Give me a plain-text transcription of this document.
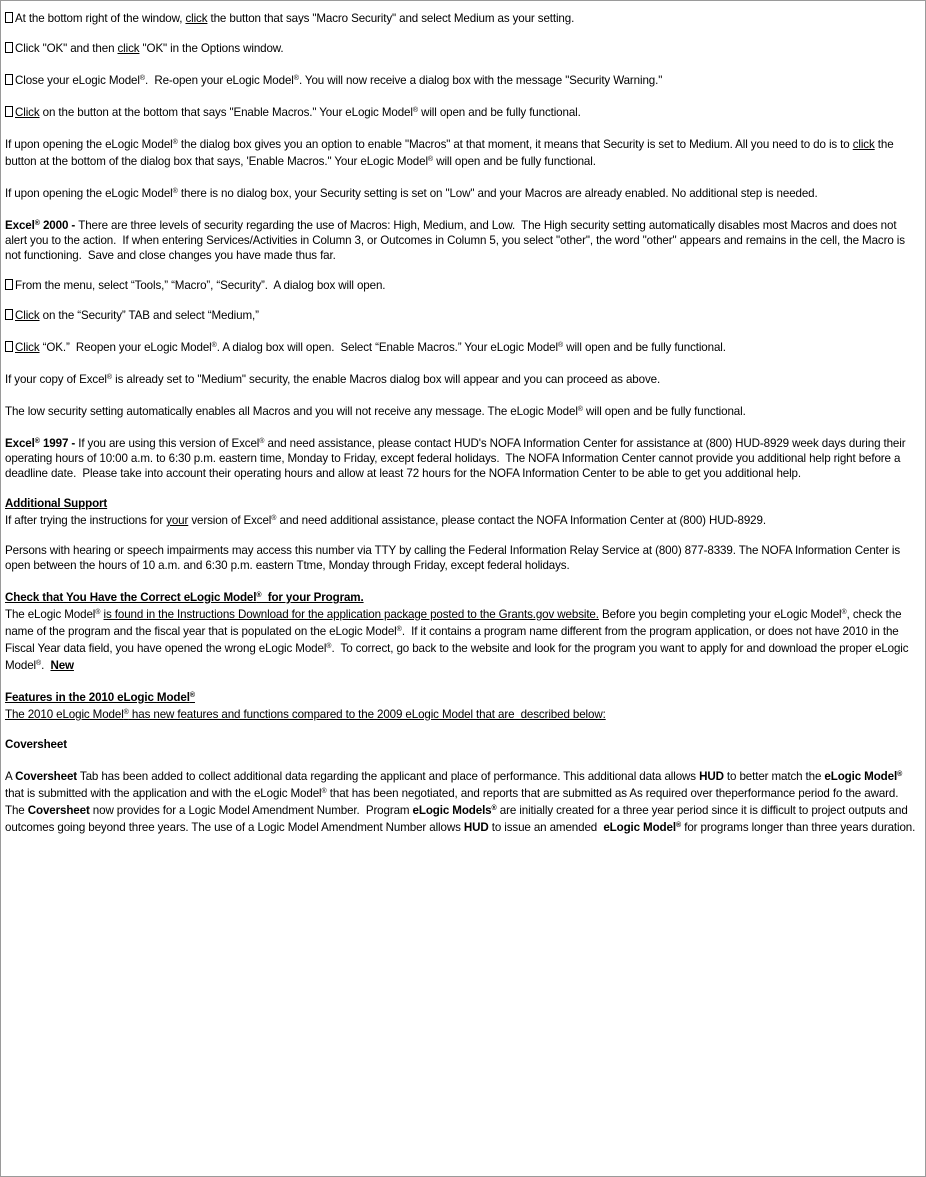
At the bottom right of the window, click the button that says "Macro Security" and select Medium as your setting.
Click "OK" and then click "OK" in the Options window.
Close your eLogic Model®.  Re-open your eLogic Model®. You will now receive a dialog box with the message "Security Warning."
Click on the button at the bottom that says "Enable Macros." Your eLogic Model® will open and be fully functional.
If upon opening the eLogic Model® the dialog box gives you an option to enable "Macros" at that moment, it means that Security is set to Medium. All you need to do is to click the button at the bottom of the dialog box that says, 'Enable Macros." Your eLogic Model® will open and be fully functional.
If upon opening the eLogic Model® there is no dialog box, your Security setting is set on "Low" and your Macros are already enabled. No additional step is needed.
Excel® 2000 - There are three levels of security regarding the use of Macros: High, Medium, and Low.  The High security setting automatically disables most Macros and does not alert you to the action.  If when entering Services/Activities in Column 3, or Outcomes in Column 5, you select "other", the word "other" appears and remains in the cell, the Macro is not functioning.  Save and close changes you have made thus far.
From the menu, select “Tools,” “Macro”, “Security”.  A dialog box will open.
Click on the “Security” TAB and select “Medium,”
Click “OK.”  Reopen your eLogic Model®. A dialog box will open.  Select “Enable Macros.” Your eLogic Model® will open and be fully functional.
If your copy of Excel® is already set to "Medium" security, the enable Macros dialog box will appear and you can proceed as above.
The low security setting automatically enables all Macros and you will not receive any message. The eLogic Model® will open and be fully functional.
Excel® 1997 - If you are using this version of Excel® and need assistance, please contact HUD's NOFA Information Center for assistance at (800) HUD-8929 week days during their operating hours of 10:00 a.m. to 6:30 p.m. eastern time, Monday to Friday, except federal holidays.  The NOFA Information Center cannot provide you additional help right before a deadline date.  Please take into account their operating hours and allow at least 72 hours for the NOFA Information Center to be able to get you additional help.
Additional Support
If after trying the instructions for your version of Excel® and need additional assistance, please contact the NOFA Information Center at (800) HUD-8929.
Persons with hearing or speech impairments may access this number via TTY by calling the Federal Information Relay Service at (800) 877-8339. The NOFA Information Center is open between the hours of 10 a.m. and 6:30 p.m. eastern Ttme, Monday through Friday, except federal holidays.
Check that You Have the Correct eLogic Model®  for your Program.
The eLogic Model® is found in the Instructions Download for the application package posted to the Grants.gov website. Before you begin completing your eLogic Model®, check the name of the program and the fiscal year that is populated on the eLogic Model®.  If it contains a program name different from the program application, or does not have 2010 in the Fiscal Year data field, you have opened the wrong eLogic Model®.  To correct, go back to the website and look for the program you want to apply for and download the proper eLogic Model®.  New
Features in the 2010 eLogic Model®
The 2010 eLogic Model® has new features and functions compared to the 2009 eLogic Model that are  described below:
Coversheet
A Coversheet Tab has been added to collect additional data regarding the applicant and place of performance. This additional data allows HUD to better match the eLogic Model® that is submitted with the application and with the eLogic Model® that has been negotiated, and reports that are submitted as As required over theperformance period fo the award.  The Coversheet now provides for a Logic Model Amendment Number.  Program eLogic Models® are initially created for a three year period since it is difficult to project outputs and outcomes going beyond three years. The use of a Logic Model Amendment Number allows HUD to issue an amended  eLogic Model® for programs longer than three years duration.
